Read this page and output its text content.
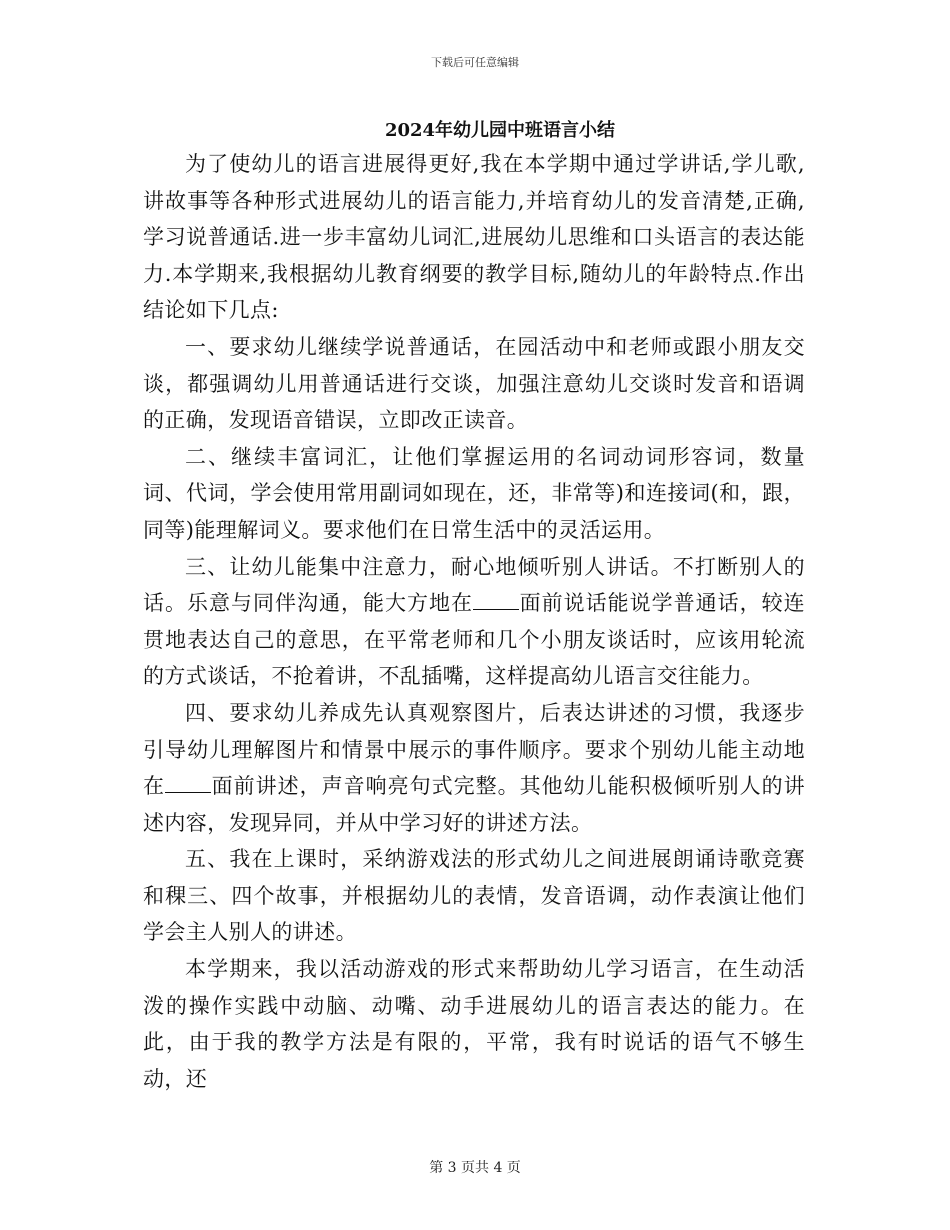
下载后可任意编辑
2024年幼儿园中班语言小结

为了使幼儿的语言进展得更好,我在本学期中通过学讲话,学儿歌,讲故事等各种形式进展幼儿的语言能力,并培育幼儿的发音清楚,正确,学习说普通话.进一步丰富幼儿词汇,进展幼儿思维和口头语言的表达能力.本学期来,我根据幼儿教育纲要的教学目标,随幼儿的年龄特点.作出结论如下几点:

一、要求幼儿继续学说普通话，在园活动中和老师或跟小朋友交谈，都强调幼儿用普通话进行交谈，加强注意幼儿交谈时发音和语调的正确，发现语音错误，立即改正读音。

二、继续丰富词汇，让他们掌握运用的名词动词形容词，数量词、代词，学会使用常用副词如现在，还，非常等)和连接词(和，跟，同等)能理解词义。要求他们在日常生活中的灵活运用。

三、让幼儿能集中注意力，耐心地倾听别人讲话。不打断别人的话。乐意与同伴沟通，能大方地在 面前说话能说学普通话，较连贯地表达自己的意思，在平常老师和几个小朋友谈话时，应该用轮流的方式谈话，不抢着讲，不乱插嘴，这样提高幼儿语言交往能力。

四、要求幼儿养成先认真观察图片，后表达讲述的习惯，我逐步引导幼儿理解图片和情景中展示的事件顺序。要求个别幼儿能主动地在 面前讲述，声音响亮句式完整。其他幼儿能积极倾听别人的讲述内容，发现异同，并从中学习好的讲述方法。

五、我在上课时，采纳游戏法的形式幼儿之间进展朗诵诗歌竞赛和稞三、四个故事，并根据幼儿的表情，发音语调，动作表演让他们学会主人别人的讲述。

本学期来，我以活动游戏的形式来帮助幼儿学习语言，在生动活泼的操作实践中动脑、动嘴、动手进展幼儿的语言表达的能力。在此，由于我的教学方法是有限的，平常，我有时说话的语气不够生动，还

第 3 页共 4 页
